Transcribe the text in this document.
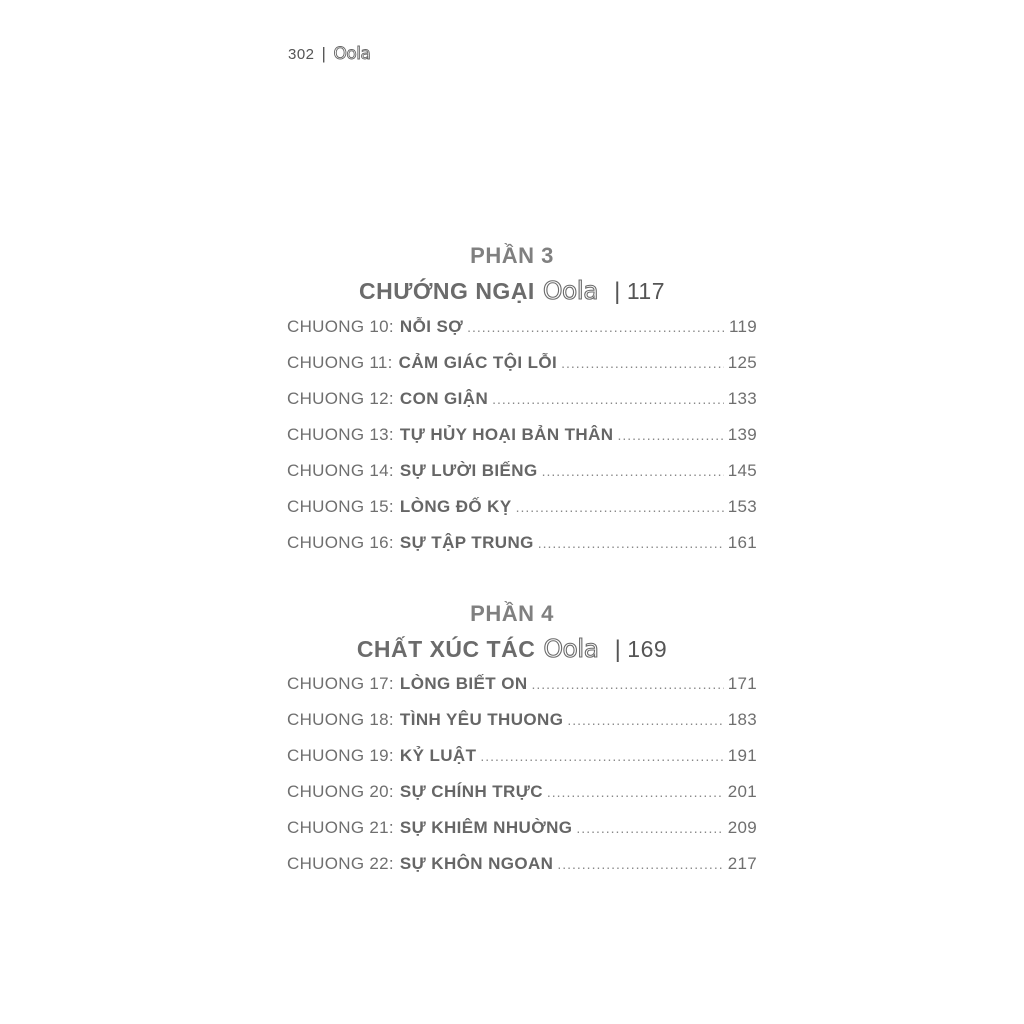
302 | Oola
PHẦN 3
CHƯỚNG NGẠI Oola | 117
CHUONG 10: NỖI SỢ .....	119
CHUONG 11: CẢM GIÁC TỘI LỖI .....	125
CHUONG 12: CON GIẬN .....	133
CHUONG 13: TỰ HỦY HOẠI BẢN THÂN .....	139
CHUONG 14: SỰ LƯỜI BIẾNG .....	145
CHUONG 15: LÒNG ĐỐ KỴ .....	153
CHUONG 16: SỰ TẬP TRUNG .....	161
PHẦN 4
CHẤT XÚC TÁC Oola | 169
CHUONG 17: LÒNG BIẾT ON .....	171
CHUONG 18: TÌNH YÊU THUONG .....	183
CHUONG 19: KỶ LUẬT .....	191
CHUONG 20: SỰ CHÍNH TRỰC .....	201
CHUONG 21: SỰ KHIÊM NHUỜNG .....	209
CHUONG 22: SỰ KHÔN NGOAN .....	217
